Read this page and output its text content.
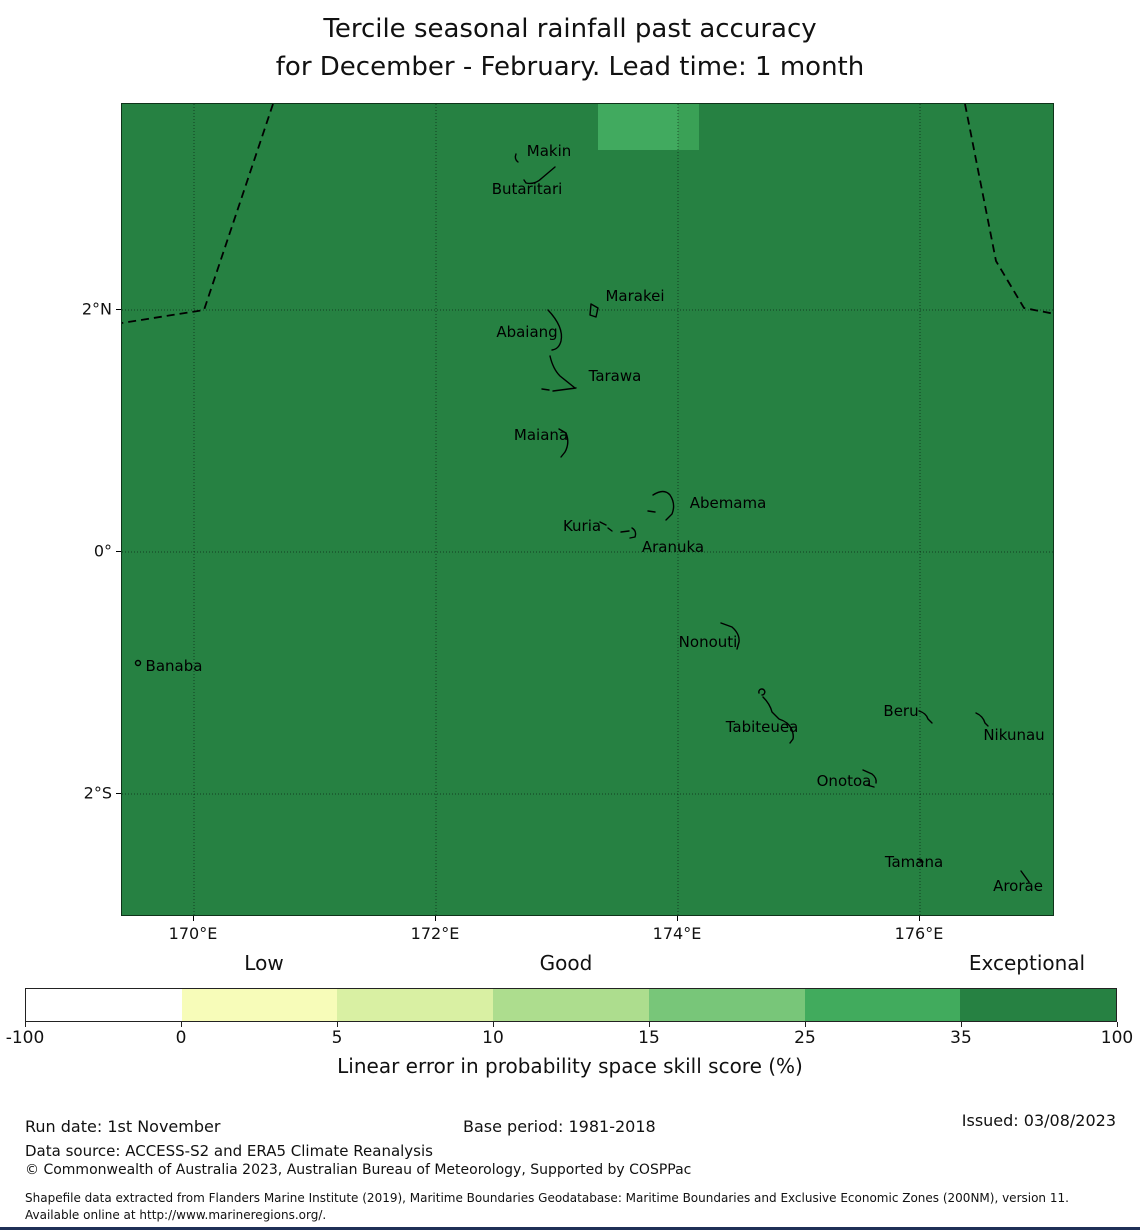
Tercile seasonal rainfall past accuracy
for December - February. Lead time: 1 month
Makin
Butaritari
Marakei
Abaiang
Tarawa
Maiana
Abemama
Kuria
Aranuka
Nonouti
Banaba
Tabiteuea
Beru
Nikunau
Onotoa
Tamana
Arorae
2°N
0°
2°S
170°E	172°E	174°E	176°E
Low	Good	Exceptional
-100	0	5	10	15	25	35	100
Linear error in probability space skill score (%)
Run date: 1st November	Base period: 1981-2018	Issued: 03/08/2023
Data source: ACCESS-S2 and ERA5 Climate Reanalysis
© Commonwealth of Australia 2023, Australian Bureau of Meteorology, Supported by COSPPac
Shapefile data extracted from Flanders Marine Institute (2019), Maritime Boundaries Geodatabase: Maritime Boundaries and Exclusive Economic Zones (200NM), version 11. Available online at http://www.marineregions.org/.
